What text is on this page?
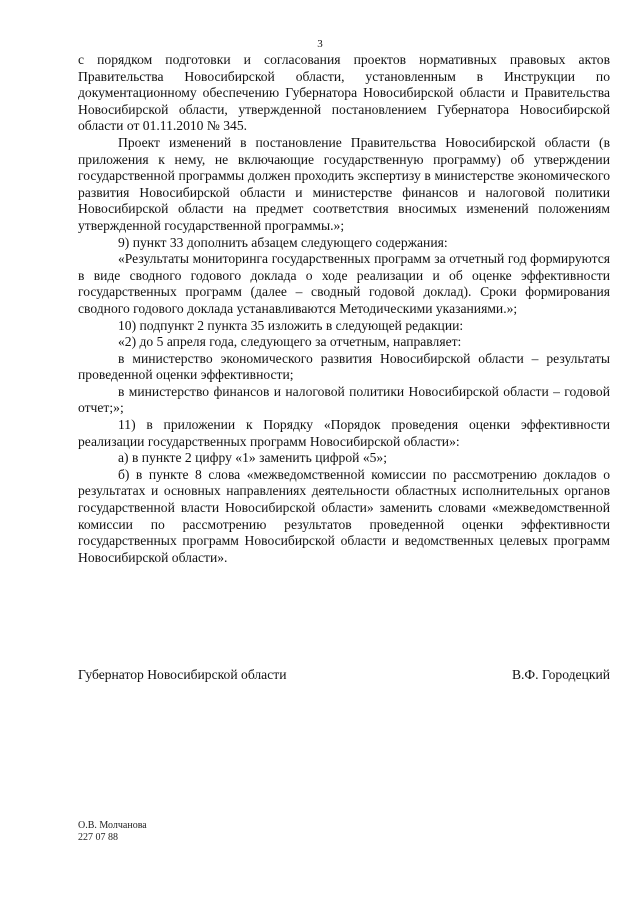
3

с порядком подготовки и согласования проектов нормативных правовых актов Правительства Новосибирской области, установленным в Инструкции по документационному обеспечению Губернатора Новосибирской области и Правительства Новосибирской области, утвержденной постановлением Губернатора Новосибирской области от 01.11.2010 № 345.

Проект изменений в постановление Правительства Новосибирской области (в приложения к нему, не включающие государственную программу) об утверждении государственной программы должен проходить экспертизу в министерстве экономического развития Новосибирской области и министерстве финансов и налоговой политики Новосибирской области на предмет соответствия вносимых изменений положениям утвержденной государственной программы.»;

9) пункт 33 дополнить абзацем следующего содержания:

«Результаты мониторинга государственных программ за отчетный год формируются в виде сводного годового доклада о ходе реализации и об оценке эффективности государственных программ (далее – сводный годовой доклад). Сроки формирования сводного годового доклада устанавливаются Методическими указаниями.»;

10) подпункт 2 пункта 35 изложить в следующей редакции:

«2) до 5 апреля года, следующего за отчетным, направляет:

в министерство экономического развития Новосибирской области – результаты проведенной оценки эффективности;

в министерство финансов и налоговой политики Новосибирской области – годовой отчет;»;

11) в приложении к Порядку «Порядок проведения оценки эффективности реализации государственных программ Новосибирской области»:

а) в пункте 2 цифру «1» заменить цифрой «5»;

б) в пункте 8 слова «межведомственной комиссии по рассмотрению докладов о результатах и основных направлениях деятельности областных исполнительных органов государственной власти Новосибирской области» заменить словами «межведомственной комиссии по рассмотрению результатов проведенной оценки эффективности государственных программ Новосибирской области и ведомственных целевых программ Новосибирской области».

Губернатор Новосибирской области	В.Ф. Городецкий
О.В. Молчанова
227 07 88
